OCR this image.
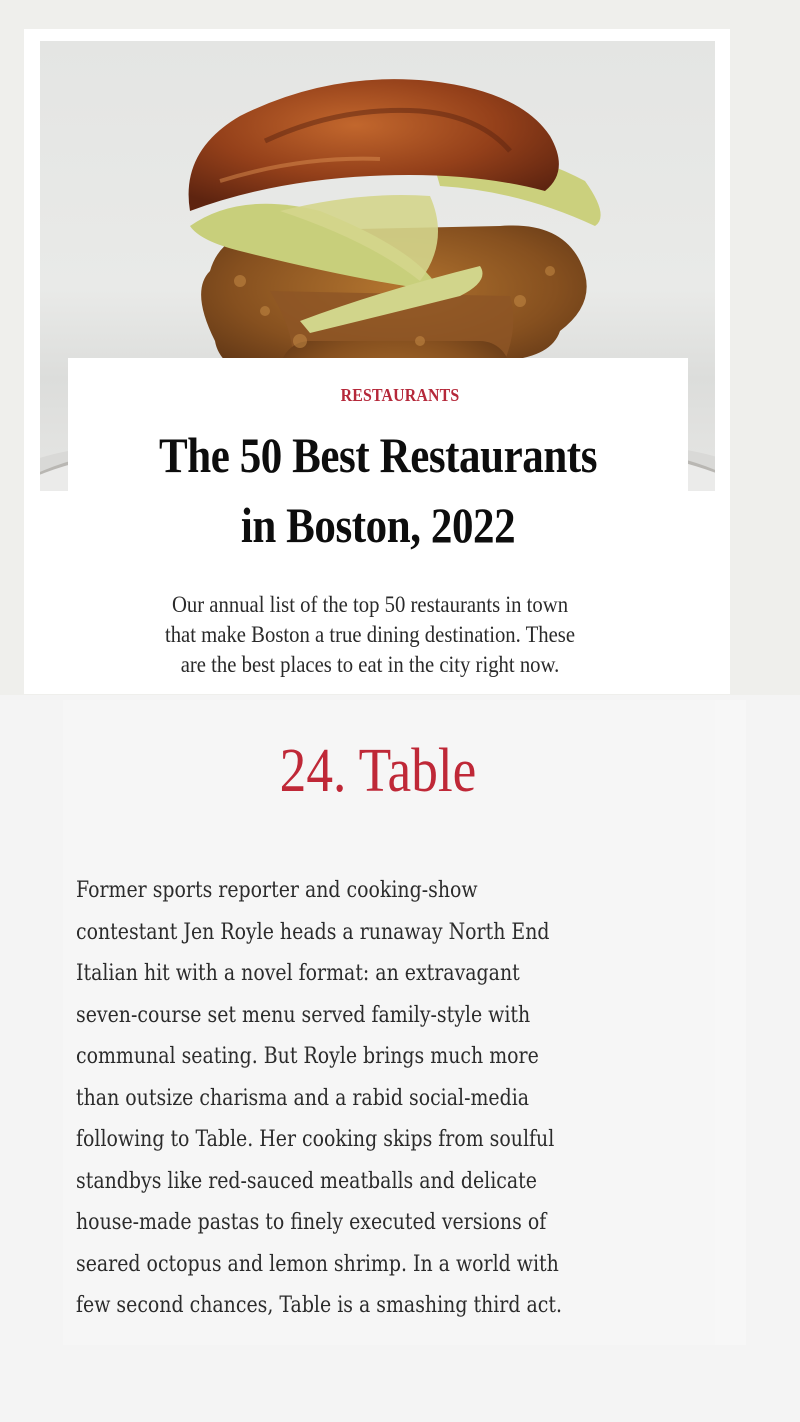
RESTAURANTS
The 50 Best Restaurants
in Boston, 2022
Our annual list of the top 50 restaurants in town
that make Boston a true dining destination. These
are the best places to eat in the city right now.
24. Table
Former sports reporter and cooking-show
contestant Jen Royle heads a runaway North End
Italian hit with a novel format: an extravagant
seven-course set menu served family-style with
communal seating. But Royle brings much more
than outsize charisma and a rabid social-media
following to Table. Her cooking skips from soulful
standbys like red-sauced meatballs and delicate
house-made pastas to finely executed versions of
seared octopus and lemon shrimp. In a world with
few second chances, Table is a smashing third act.
